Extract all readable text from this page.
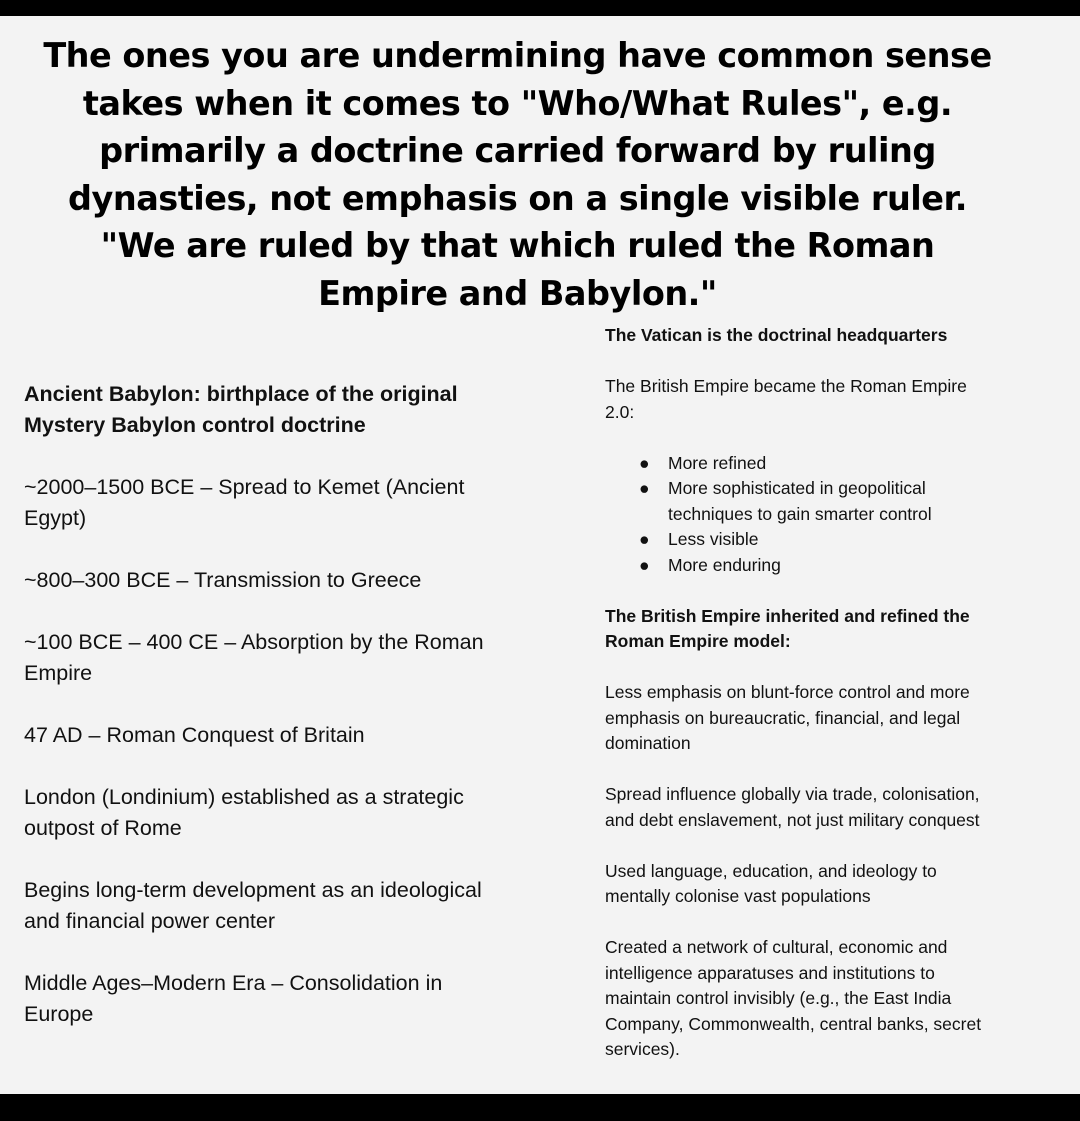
The ones you are undermining have common sense
takes when it comes to "Who/What Rules", e.g.
primarily a doctrine carried forward by ruling
dynasties, not emphasis on a single visible ruler.
"We are ruled by that which ruled the Roman
Empire and Babylon."

Ancient Babylon: birthplace of the original
Mystery Babylon control doctrine

~2000–1500 BCE – Spread to Kemet (Ancient
Egypt)

~800–300 BCE – Transmission to Greece

~100 BCE – 400 CE – Absorption by the Roman
Empire

47 AD – Roman Conquest of Britain

London (Londinium) established as a strategic
outpost of Rome

Begins long-term development as an ideological
and financial power center

Middle Ages–Modern Era – Consolidation in
Europe

The Vatican is the doctrinal headquarters

The British Empire became the Roman Empire
2.0:

● More refined
● More sophisticated in geopolitical
techniques to gain smarter control
● Less visible
● More enduring

The British Empire inherited and refined the
Roman Empire model:

Less emphasis on blunt-force control and more
emphasis on bureaucratic, financial, and legal
domination

Spread influence globally via trade, colonisation,
and debt enslavement, not just military conquest

Used language, education, and ideology to
mentally colonise vast populations

Created a network of cultural, economic and
intelligence apparatuses and institutions to
maintain control invisibly (e.g., the East India
Company, Commonwealth, central banks, secret
services).
